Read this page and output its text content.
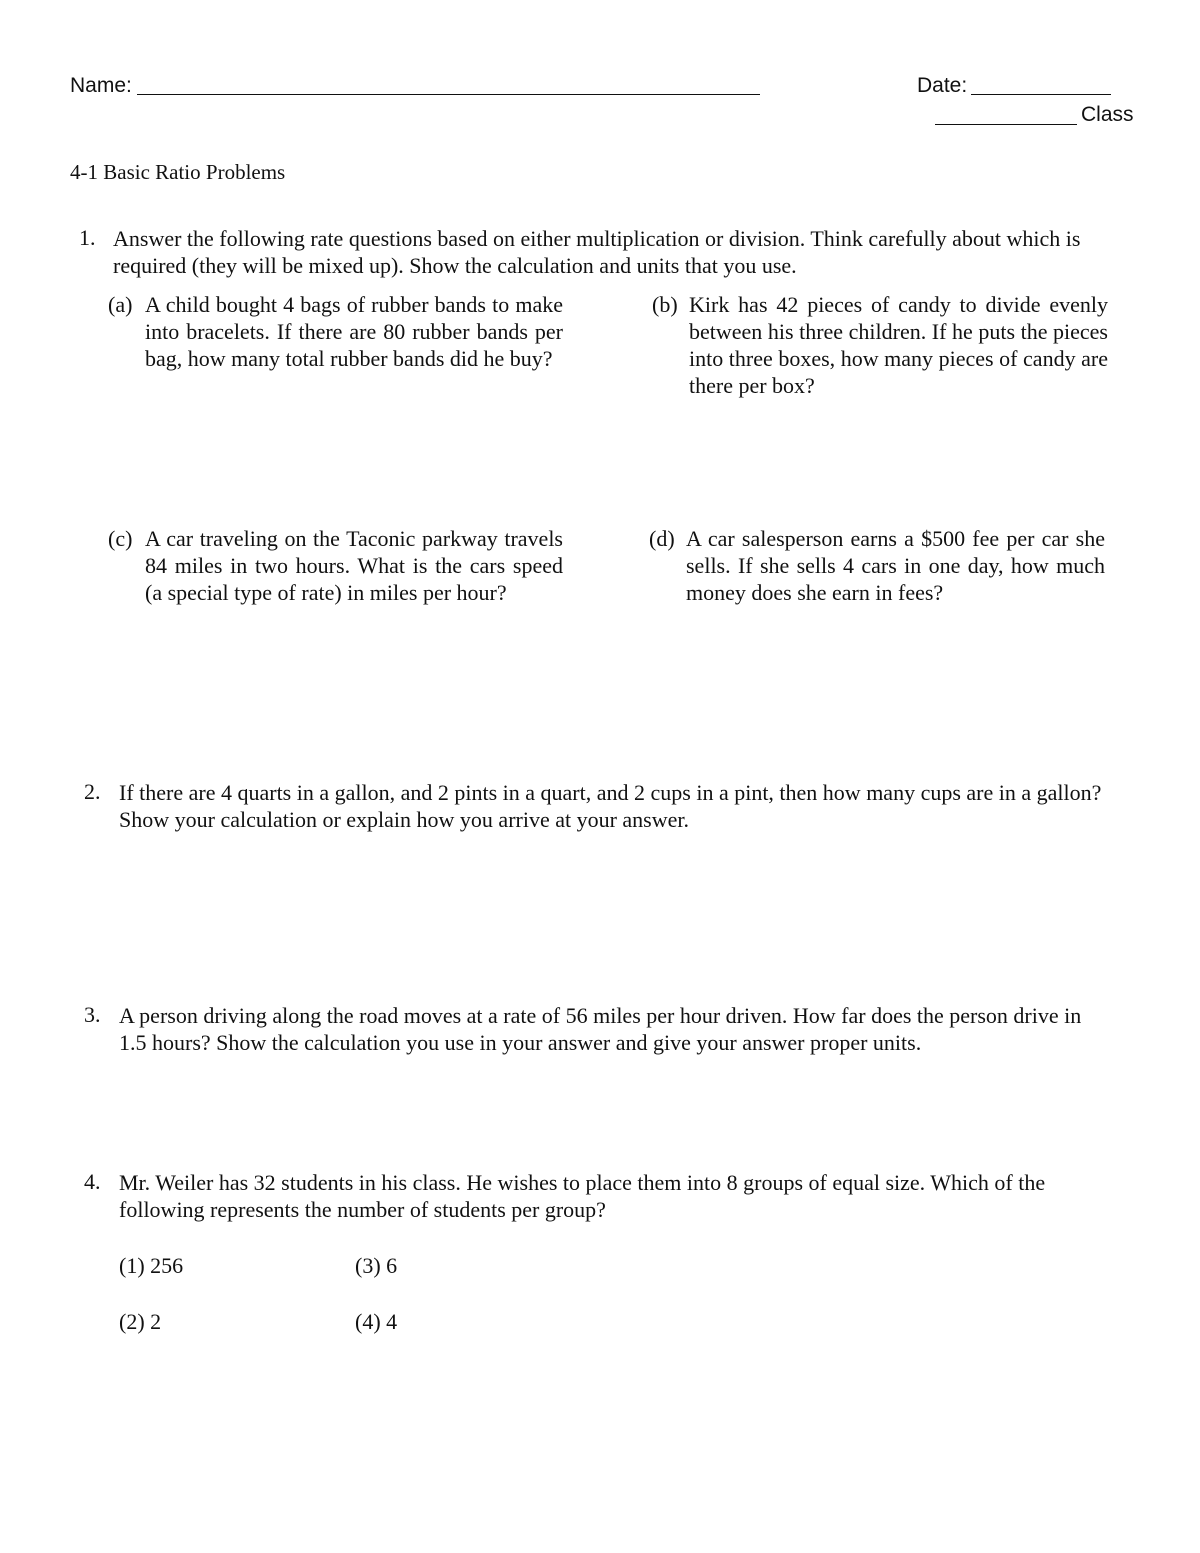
Name:	Date:
Class
4-1 Basic Ratio Problems
1. Answer the following rate questions based on either multiplication or division. Think carefully about which is required (they will be mixed up). Show the calculation and units that you use.
(a) A child bought 4 bags of rubber bands to make into bracelets. If there are 80 rubber bands per bag, how many total rubber bands did he buy?
(b) Kirk has 42 pieces of candy to divide evenly between his three children. If he puts the pieces into three boxes, how many pieces of candy are there per box?
(c) A car traveling on the Taconic parkway travels 84 miles in two hours. What is the cars speed (a special type of rate) in miles per hour?
(d) A car salesperson earns a $500 fee per car she sells. If she sells 4 cars in one day, how much money does she earn in fees?
2. If there are 4 quarts in a gallon, and 2 pints in a quart, and 2 cups in a pint, then how many cups are in a gallon? Show your calculation or explain how you arrive at your answer.
3. A person driving along the road moves at a rate of 56 miles per hour driven. How far does the person drive in 1.5 hours? Show the calculation you use in your answer and give your answer proper units.
4. Mr. Weiler has 32 students in his class. He wishes to place them into 8 groups of equal size. Which of the following represents the number of students per group?
(1) 256	(3) 6
(2) 2	(4) 4
